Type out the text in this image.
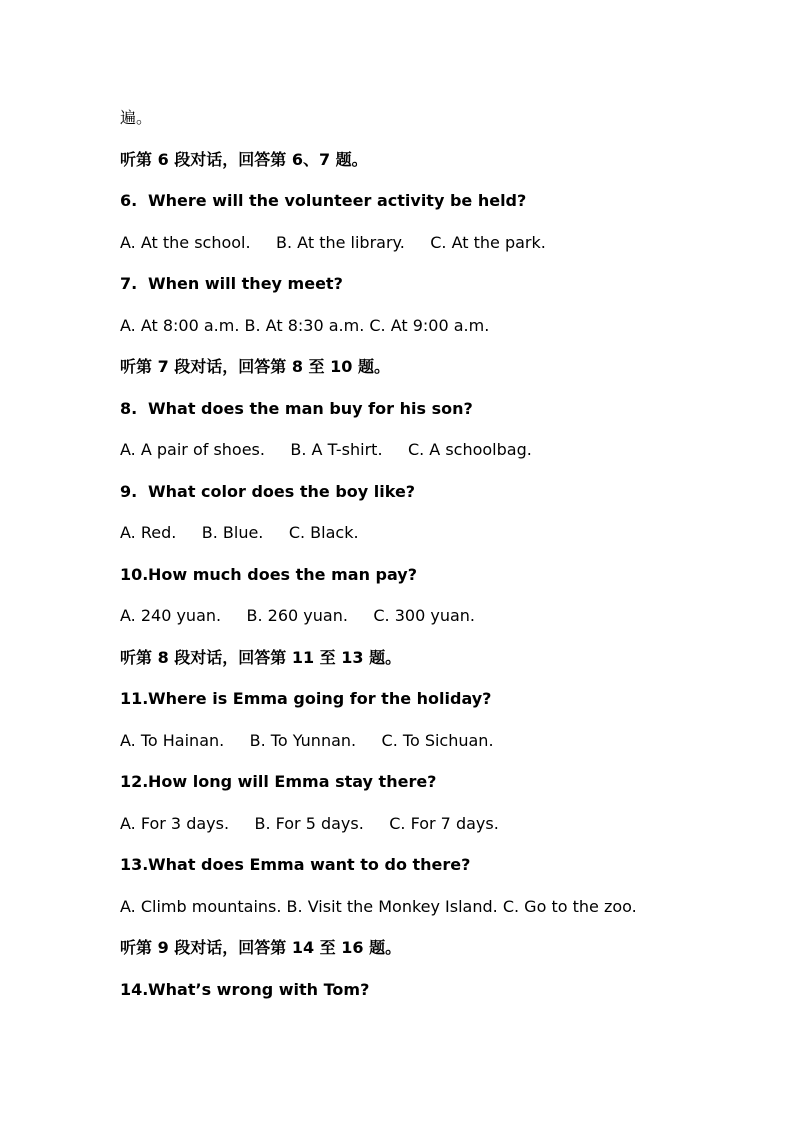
遍。
听第 6 段对话，回答第 6、7 题。
6. Where will the volunteer activity be held?
A. At the school.     B. At the library.     C. At the park.
7. When will they meet?
A. At 8:00 a.m. B. At 8:30 a.m. C. At 9:00 a.m.
听第 7 段对话，回答第 8 至 10 题。
8. What does the man buy for his son?
A. A pair of shoes.     B. A T-shirt.     C. A schoolbag.
9. What color does the boy like?
A. Red.     B. Blue.     C. Black.
10.How much does the man pay?
A. 240 yuan.     B. 260 yuan.     C. 300 yuan.
听第 8 段对话，回答第 11 至 13 题。
11.Where is Emma going for the holiday?
A. To Hainan.     B. To Yunnan.     C. To Sichuan.
12.How long will Emma stay there?
A. For 3 days.     B. For 5 days.     C. For 7 days.
13.What does Emma want to do there?
A. Climb mountains. B. Visit the Monkey Island. C. Go to the zoo.
听第 9 段对话，回答第 14 至 16 题。
14.What’s wrong with Tom?
